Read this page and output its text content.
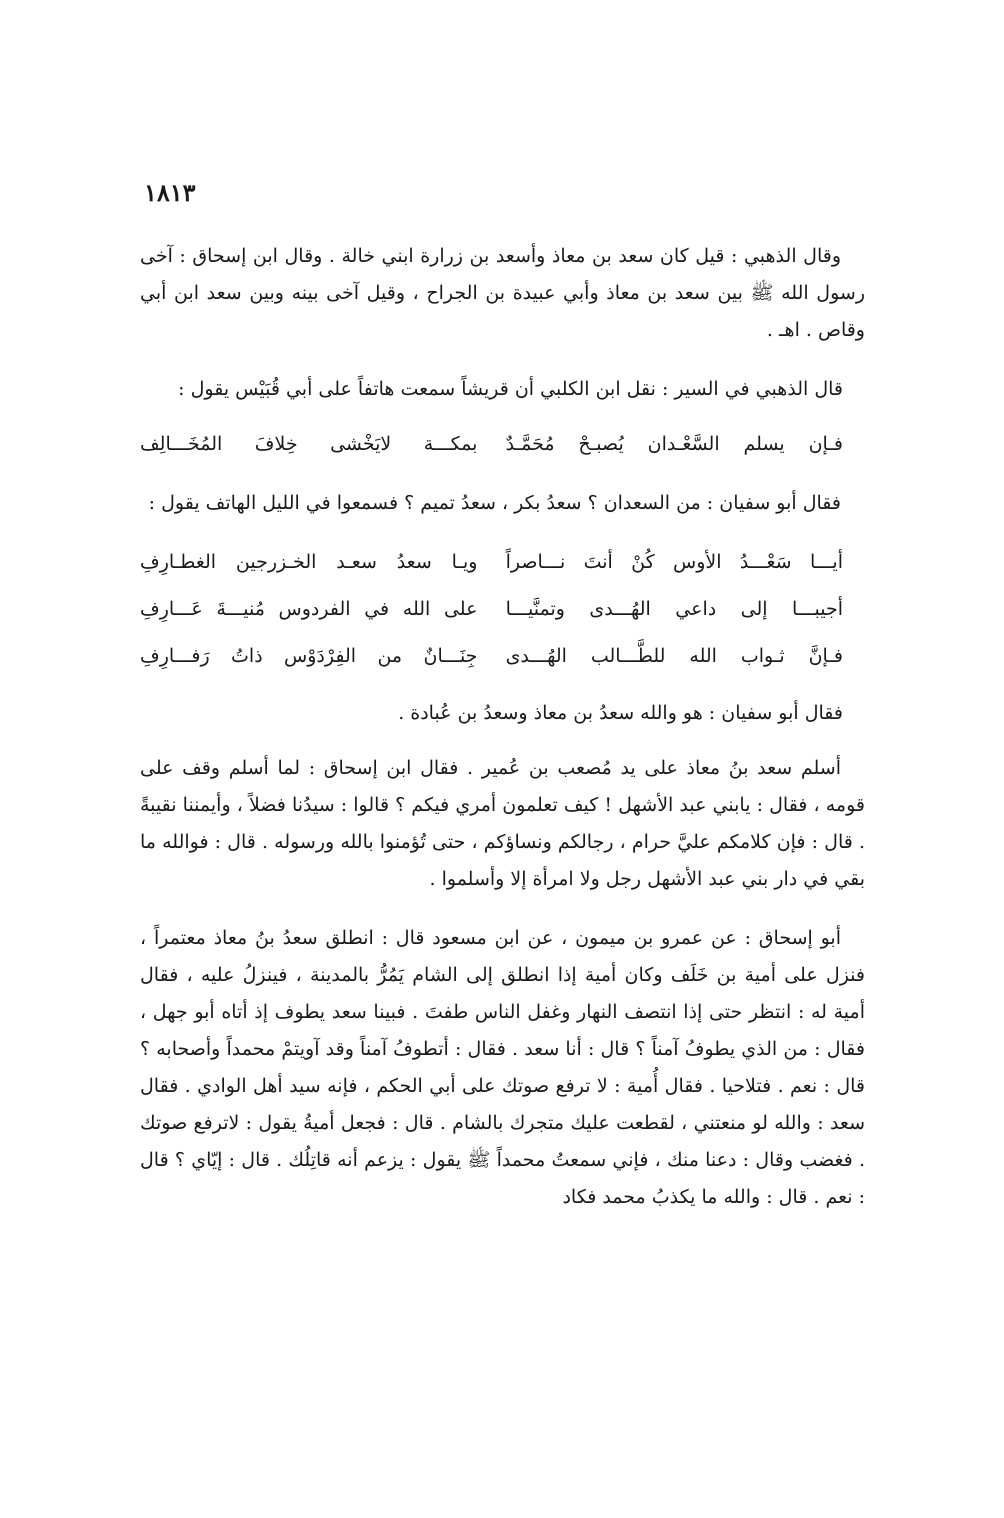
١٨١٣

وقال الذهبي : قيل كان سعد بن معاذ وأسعد بن زرارة ابني خالة . وقال ابن إسحاق : آخى رسول الله ﷺ بين سعد بن معاذ وأبي عبيدة بن الجراح ، وقيل آخى بينه وبين سعد ابن أبي وقاص . اهـ .

قال الذهبي في السير : نقل ابن الكلبي أن قريشاً سمعت هاتفاً على أبي قُبَيْس يقول :

فـإن يسلم السَّعْـدان يُصبـحْ مُحَمَّـدٌ
بمكـــة لايَخْشى خِلافَ المُخَـــالِف

فقال أبو سفيان : من السعدان ؟ سعدُ بكر ، سعدُ تميم ؟ فسمعوا في الليل الهاتف يقول :

أيـــا سَعْـــدُ الأوس كُنْ أنتَ نـــاصراً
ويـا سعدُ سعـد الخـزرجين الغطـارِفِ
أجيبـــا إلى داعي الهُـــدى وتمنَّيـــا
على الله في الفردوس مُنيـــةَ عَـــارِفِ
فـإنَّ ثـواب الله للطَّـــالب الهُـــدى
جِنَـــانٌ من الفِرْدَوْس ذاتُ رَفـــارِفِ

فقال أبو سفيان : هو والله سعدُ بن معاذ وسعدُ بن عُبادة .

أسلم سعد بنُ معاذ على يد مُصعب بن عُمير . فقال ابن إسحاق : لما أسلم وقف على قومه ، فقال : يابني عبد الأشهل ! كيف تعلمون أمري فيكم ؟ قالوا : سيدُنا فضلاً ، وأيمننا نقيبةً . قال : فإن كلامكم عليَّ حرام ، رجالكم ونساؤكم ، حتى تُؤمنوا بالله ورسوله . قال : فوالله ما بقي في دار بني عبد الأشهل رجل ولا امرأة إلا وأسلموا .

أبو إسحاق : عن عمرو بن ميمون ، عن ابن مسعود قال : انطلق سعدُ بنُ معاذ معتمراً ، فنزل على أمية بن خَلَف وكان أمية إذا انطلق إلى الشام يَمُرُّ بالمدينة ، فينزلُ عليه ، فقال أمية له : انتظر حتى إذا انتصف النهار وغفل الناس طفتَ . فبينا سعد يطوف إذ أتاه أبو جهل ، فقال : من الذي يطوفُ آمناً ؟ قال : أنا سعد . فقال : أتطوفُ آمناً وقد آويتمْ محمداً وأصحابه ؟ قال : نعم . فتلاحيا . فقال أُمية : لا ترفع صوتك على أبي الحكم ، فإنه سيد أهل الوادي . فقال سعد : والله لو منعتني ، لقطعت عليك متجرك بالشام . قال : فجعل أميةُ يقول : لاترفع صوتك . فغضب وقال : دعنا منك ، فإني سمعتُ محمداً ﷺ يقول : يزعم أنه قاتِلُك . قال : إيّاي ؟ قال : نعم . قال : والله ما يكذبُ محمد فكاد
